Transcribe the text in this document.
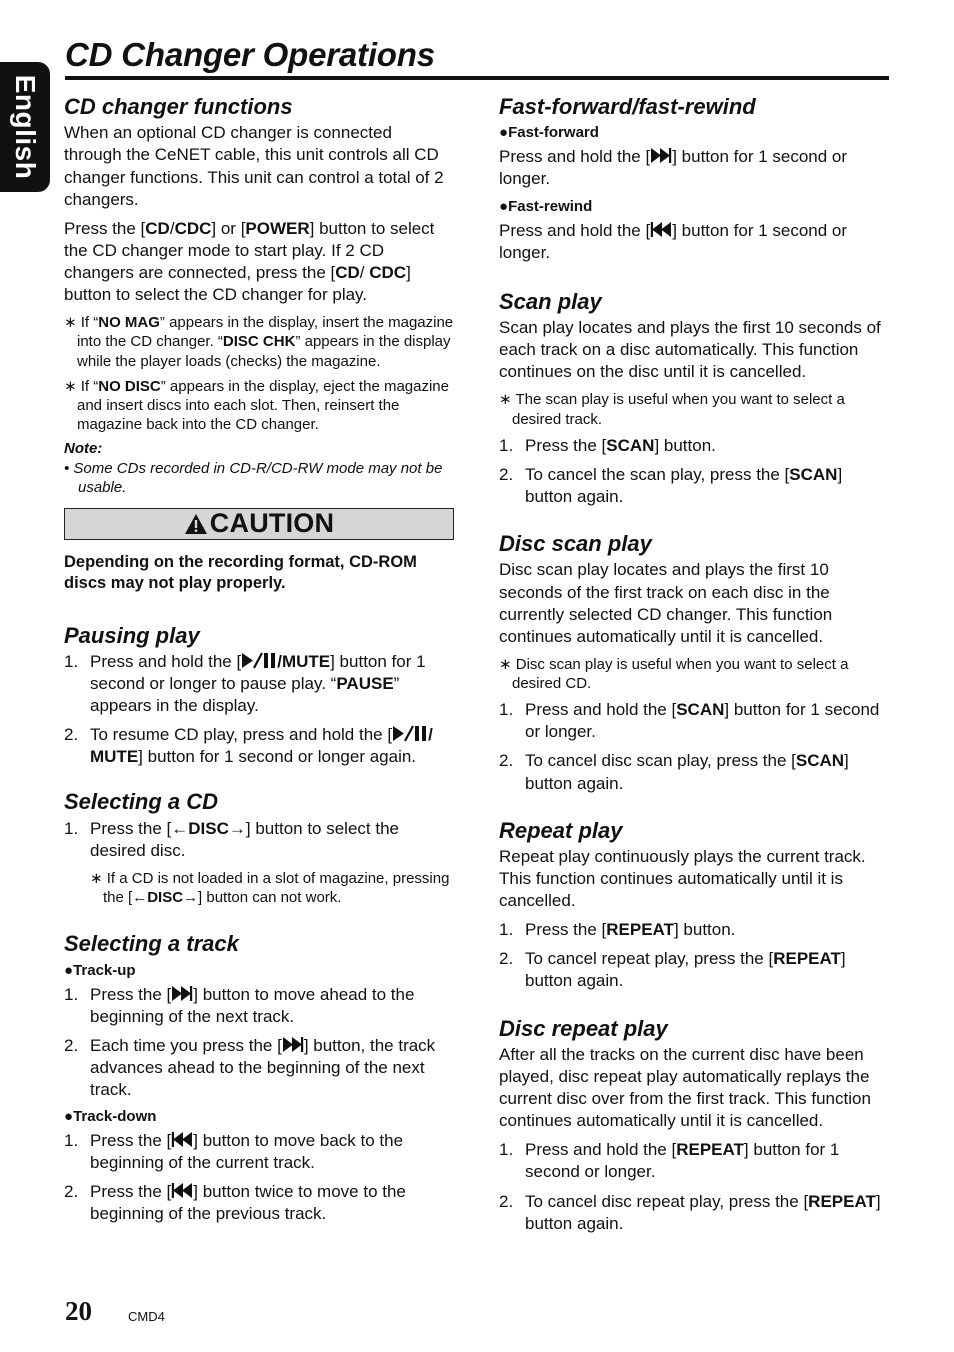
English
CD Changer Operations
CD changer functions

When an optional CD changer is connected through the CeNET cable, this unit controls all CD changer functions. This unit can control a total of 2 changers.

Press the [CD/CDC] or [POWER] button to select the CD changer mode to start play. If 2 CD changers are connected, press the [CD/ CDC] button to select the CD changer for play.

∗ If “NO MAG” appears in the display, insert the magazine into the CD changer. “DISC CHK” appears in the display while the player loads (checks) the magazine.

∗ If “NO DISC” appears in the display, eject the magazine and insert discs into each slot. Then, reinsert the magazine back into the CD changer.

Note:

• Some CDs recorded in CD-R/CD-RW mode may not be usable.

CAUTION

Depending on the recording format, CD-ROM discs may not play properly.

Pausing play
1. Press and hold the [ /MUTE] button for 1 second or longer to pause play. “PAUSE” appears in the display.
2. To resume CD play, press and hold the [ / MUTE] button for 1 second or longer again.
Selecting a CD
1. Press the [←DISC→] button to select the desired disc.

∗ If a CD is not loaded in a slot of magazine, pressing the [←DISC→] button can not work.

Selecting a track

●Track-up

1. Press the [ ] button to move ahead to the beginning of the next track.
2. Each time you press the [ ] button, the track advances ahead to the beginning of the next track.

●Track-down

1. Press the [ ] button to move back to the beginning of the current track.
2. Press the [ ] button twice to move to the beginning of the previous track.
Fast-forward/fast-rewind

●Fast-forward

Press and hold the [ ] button for 1 second or longer.

●Fast-rewind

Press and hold the [ ] button for 1 second or longer.

Scan play

Scan play locates and plays the first 10 seconds of each track on a disc automatically. This function continues on the disc until it is cancelled.

∗ The scan play is useful when you want to select a desired track.

1. Press the [SCAN] button.
2. To cancel the scan play, press the [SCAN] button again.
Disc scan play

Disc scan play locates and plays the first 10 seconds of the first track on each disc in the currently selected CD changer. This function continues automatically until it is cancelled.

∗ Disc scan play is useful when you want to select a desired CD.

1. Press and hold the [SCAN] button for 1 second or longer.
2. To cancel disc scan play, press the [SCAN] button again.
Repeat play

Repeat play continuously plays the current track. This function continues automatically until it is cancelled.

1. Press the [REPEAT] button.
2. To cancel repeat play, press the [REPEAT] button again.
Disc repeat play

After all the tracks on the current disc have been played, disc repeat play automatically replays the current disc over from the first track. This function continues automatically until it is cancelled.

1. Press and hold the [REPEAT] button for 1 second or longer.
2. To cancel disc repeat play, press the [REPEAT] button again.
20	CMD4
